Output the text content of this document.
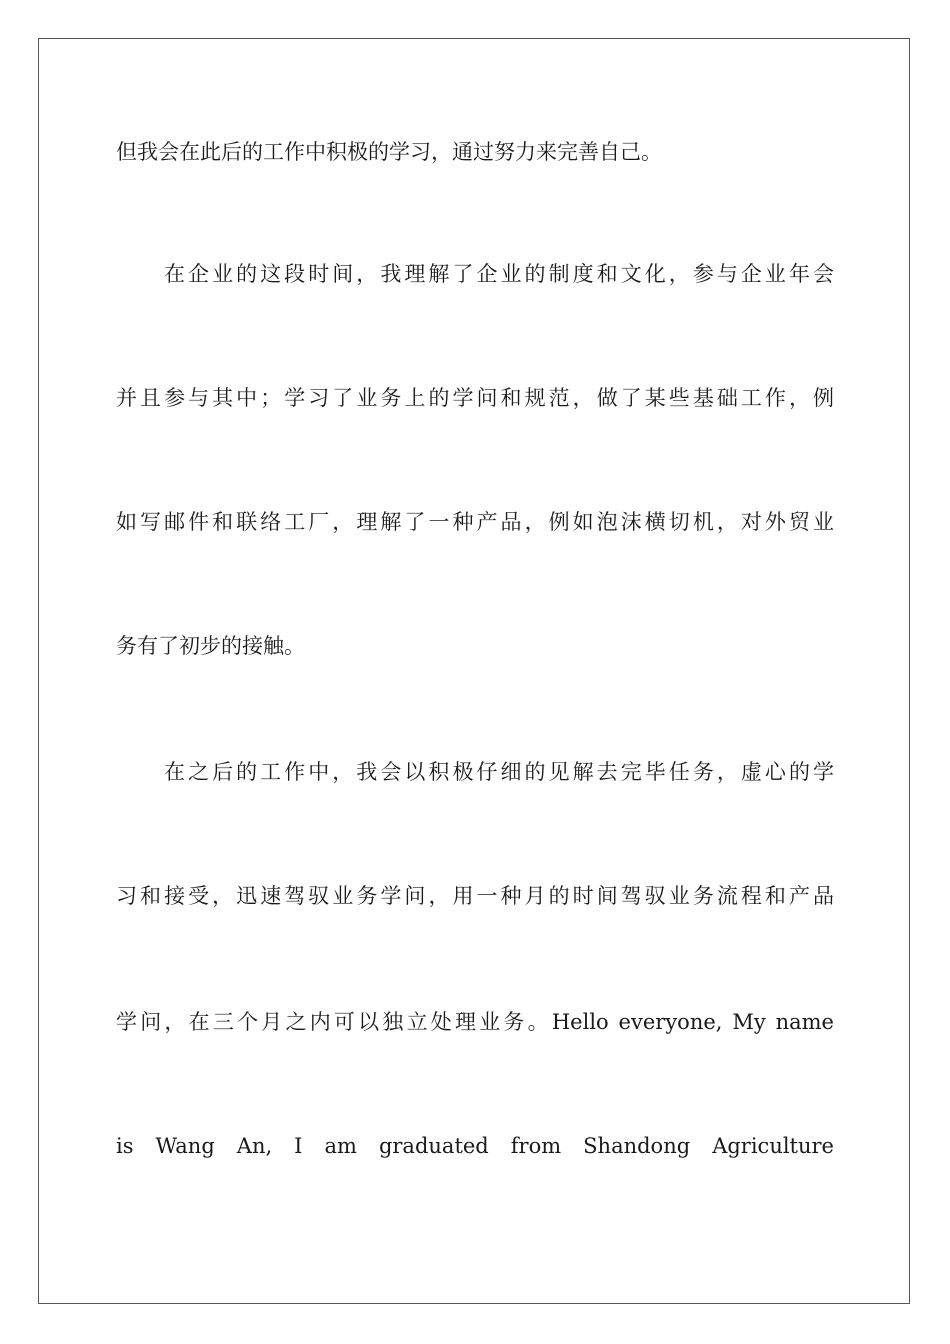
但我会在此后的工作中积极的学习，通过努力来完善自己。
在企业的这段时间，我理解了企业的制度和文化，参与企业年会
并且参与其中；学习了业务上的学问和规范，做了某些基础工作，例
如写邮件和联络工厂，理解了一种产品，例如泡沫横切机，对外贸业
务有了初步的接触。
在之后的工作中，我会以积极仔细的见解去完毕任务，虚心的学
习和接受，迅速驾驭业务学问，用一种月的时间驾驭业务流程和产品
学问，在三个月之内可以独立处理业务。Hello everyone, My name
is Wang An, I am graduated from Shandong Agriculture
